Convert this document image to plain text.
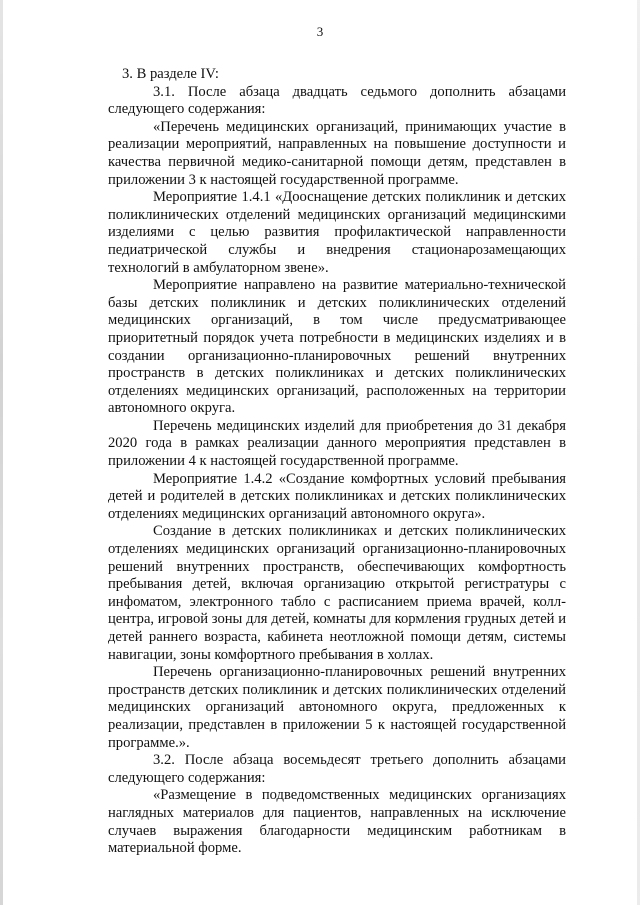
3

3. В разделе IV:

3.1. После абзаца двадцать седьмого дополнить абзацами следующего содержания:

«Перечень медицинских организаций, принимающих участие в реализации мероприятий, направленных на повышение доступности и качества первичной медико-санитарной помощи детям, представлен в приложении 3 к настоящей государственной программе.

Мероприятие 1.4.1 «Дооснащение детских поликлиник и детских поликлинических отделений медицинских организаций медицинскими изделиями с целью развития профилактической направленности педиатрической службы и внедрения стационарозамещающих технологий в амбулаторном звене».

Мероприятие направлено на развитие материально-технической базы детских поликлиник и детских поликлинических отделений медицинских организаций, в том числе предусматривающее приоритетный порядок учета потребности в медицинских изделиях и в создании организационно-планировочных решений внутренних пространств в детских поликлиниках и детских поликлинических отделениях медицинских организаций, расположенных на территории автономного округа.

Перечень медицинских изделий для приобретения до 31 декабря 2020 года в рамках реализации данного мероприятия представлен в приложении 4 к настоящей государственной программе.

Мероприятие 1.4.2 «Создание комфортных условий пребывания детей и родителей в детских поликлиниках и детских поликлинических отделениях медицинских организаций автономного округа».

Создание в детских поликлиниках и детских поликлинических отделениях медицинских организаций организационно-планировочных решений внутренних пространств, обеспечивающих комфортность пребывания детей, включая организацию открытой регистратуры с инфоматом, электронного табло с расписанием приема врачей, колл-центра, игровой зоны для детей, комнаты для кормления грудных детей и детей раннего возраста, кабинета неотложной помощи детям, системы навигации, зоны комфортного пребывания в холлах.

Перечень организационно-планировочных решений внутренних пространств детских поликлиник и детских поликлинических отделений медицинских организаций автономного округа, предложенных к реализации, представлен в приложении 5 к настоящей государственной программе.».

3.2. После абзаца восемьдесят третьего дополнить абзацами следующего содержания:

«Размещение в подведомственных медицинских организациях наглядных материалов для пациентов, направленных на исключение случаев выражения благодарности медицинским работникам в материальной форме.
